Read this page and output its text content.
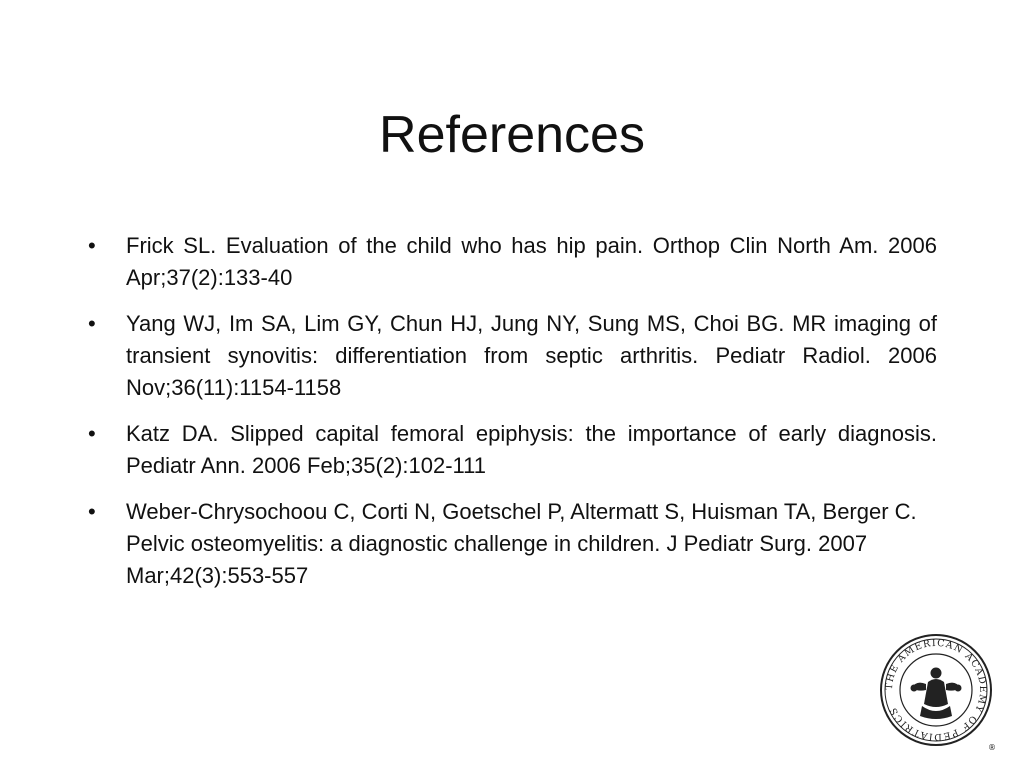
References
•	Frick SL. Evaluation of the child who has hip pain. Orthop Clin North Am. 2006 Apr;37(2):133-40
•	Yang WJ, Im SA, Lim GY, Chun HJ, Jung NY, Sung MS, Choi BG. MR imaging of transient synovitis: differentiation from septic arthritis. Pediatr Radiol. 2006 Nov;36(11):1154-1158
•	Katz DA. Slipped capital femoral epiphysis: the importance of early diagnosis. Pediatr Ann. 2006 Feb;35(2):102-111
•	Weber-Chrysochoou C, Corti N, Goetschel P, Altermatt S, Huisman TA, Berger C. Pelvic osteomyelitis: a diagnostic challenge in children. J Pediatr Surg. 2007 Mar;42(3):553-557
THE AMERICAN ACADEMY OF PEDIATRICS
®
